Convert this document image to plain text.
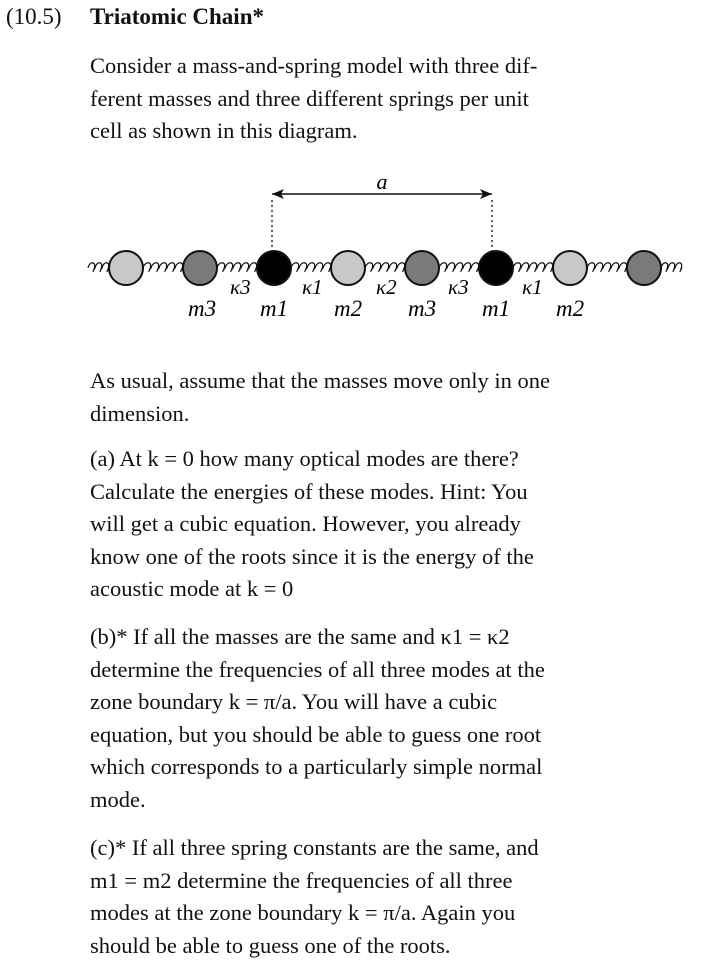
(10.5) Triatomic Chain*
Consider a mass-and-spring model with three dif-
ferent masses and three different springs per unit
cell as shown in this diagram.
a
κ3 κ1	κ2 κ3	κ1
m3 m1 m2 m3 m1 m2
As usual, assume that the masses move only in one
dimension.
(a) At k = 0 how many optical modes are there?
Calculate the energies of these modes. Hint: You
will get a cubic equation. However, you already
know one of the roots since it is the energy of the
acoustic mode at k = 0
(b)* If all the masses are the same and κ1 = κ2
determine the frequencies of all three modes at the
zone boundary k = π/a. You will have a cubic
equation, but you should be able to guess one root
which corresponds to a particularly simple normal
mode.
(c)* If all three spring constants are the same, and
m1 = m2 determine the frequencies of all three
modes at the zone boundary k = π/a. Again you
should be able to guess one of the roots.
